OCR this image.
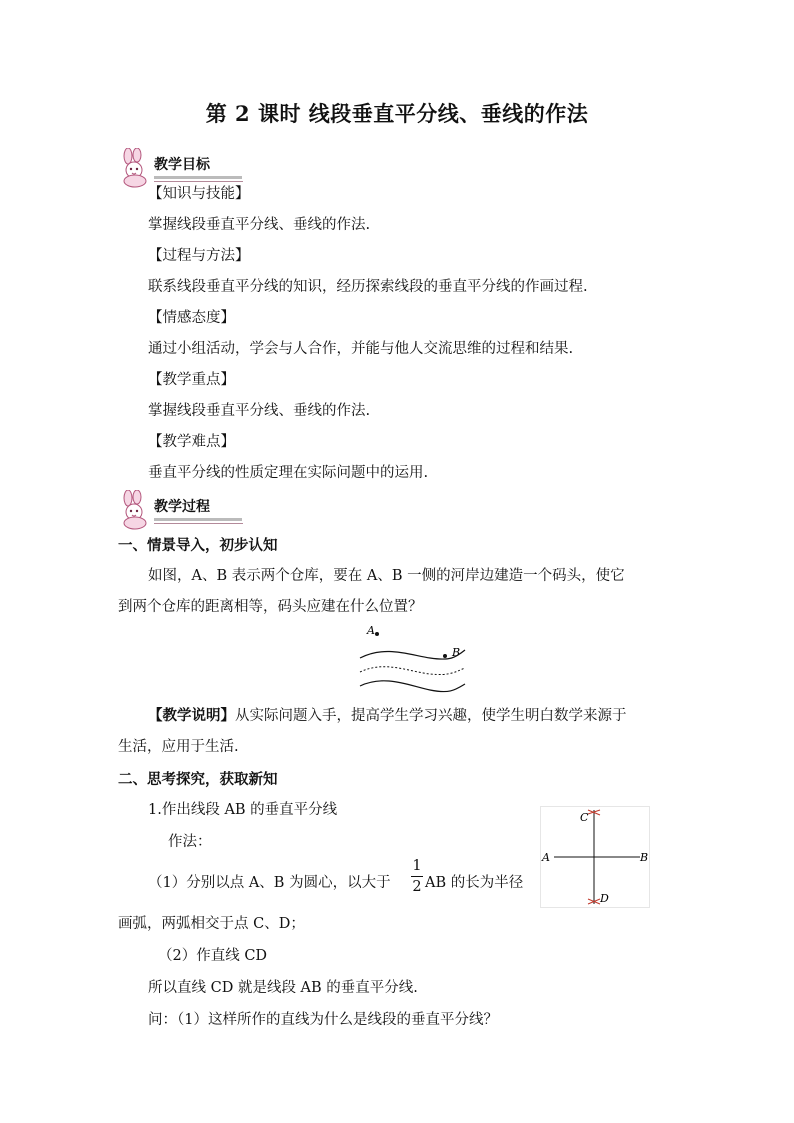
第 2 课时 线段垂直平分线、垂线的作法
教学目标
【知识与技能】
掌握线段垂直平分线、垂线的作法.
【过程与方法】
联系线段垂直平分线的知识，经历探索线段的垂直平分线的作画过程.
【情感态度】
通过小组活动，学会与人合作，并能与他人交流思维的过程和结果.
【教学重点】
掌握线段垂直平分线、垂线的作法.
【教学难点】
垂直平分线的性质定理在实际问题中的运用.
教学过程
一、情景导入，初步认知
如图，A、B 表示两个仓库，要在 A、B 一侧的河岸边建造一个码头，使它
到两个仓库的距离相等，码头应建在什么位置？
A
B
【教学说明】从实际问题入手，提高学生学习兴趣，使学生明白数学来源于
生活，应用于生活.
二、思考探究，获取新知
1.作出线段 AB 的垂直平分线
作法：
（1）分别以点 A、B 为圆心，以大于
1
2 AB 的长为半径
画弧，两弧相交于点 C、D；
（2）作直线 CD
所以直线 CD 就是线段 AB 的垂直平分线.
问：（1）这样所作的直线为什么是线段的垂直平分线？
C
A	B
D
